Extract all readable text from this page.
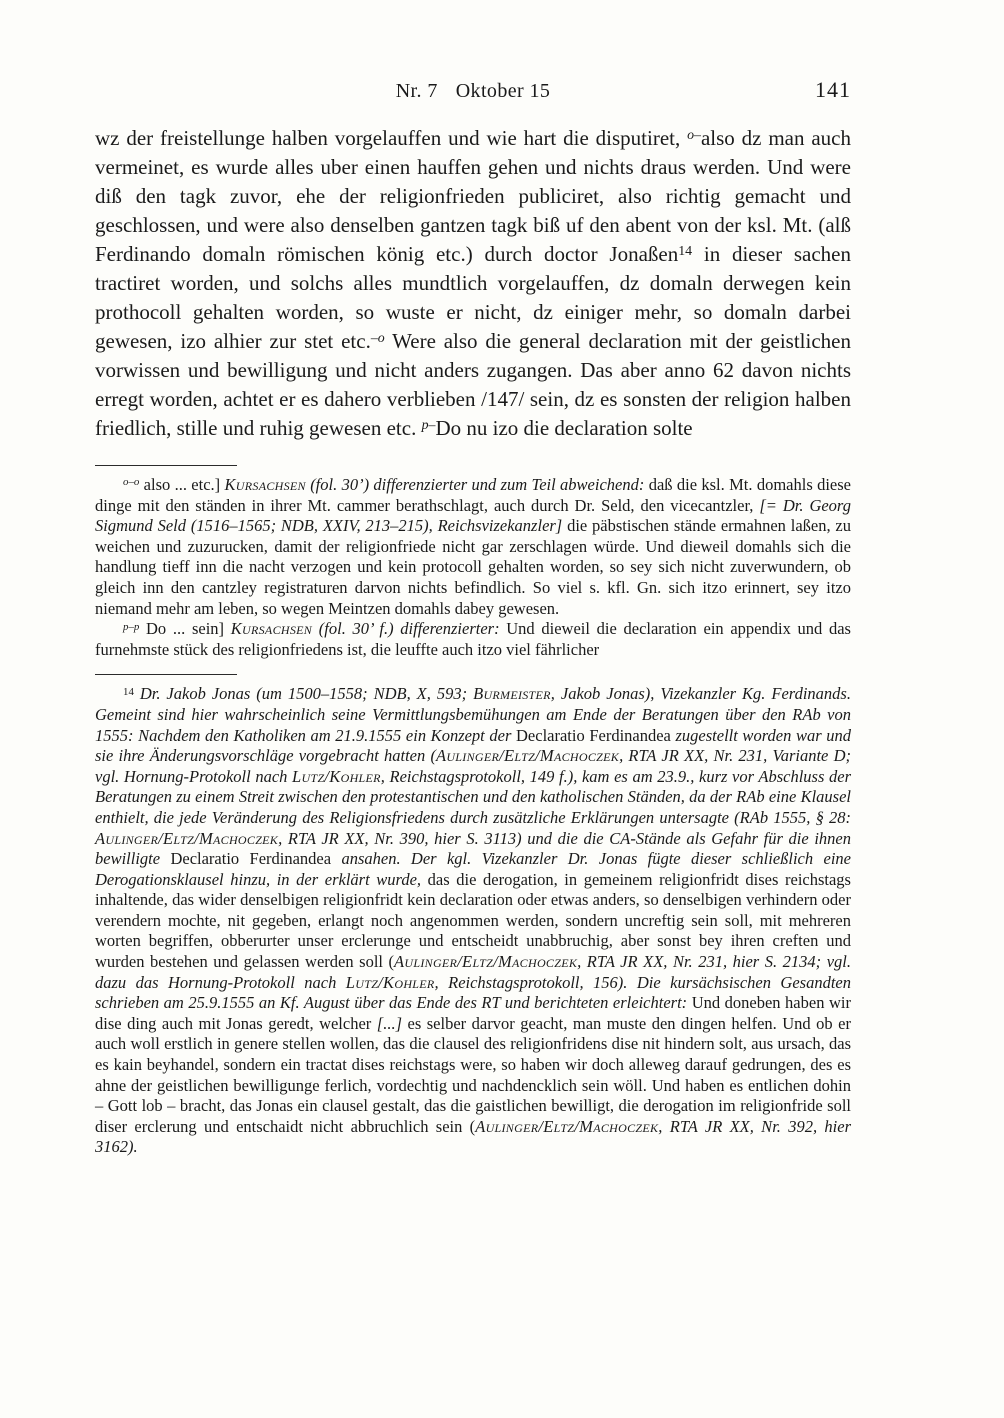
Nr. 7 Oktober 15	141

wz der freistellunge halben vorgelauffen und wie hart die disputiret, $^{o-}$also dz man auch vermeinet, es wurde alles uber einen hauffen gehen und nichts draus werden. Und were diß den tagk zuvor, ehe der religionfrieden publiciret, also richtig gemacht und geschlossen, und were also denselben gantzen tagk biß uf den abent von der ksl. Mt. (alß Ferdinando domaln römischen könig etc.) durch doctor Jonaßen$^{14}$ in dieser sachen tractiret worden, und solchs alles mundtlich vorgelauffen, dz domaln derwegen kein prothocoll gehalten worden, so wuste er nicht, dz einiger mehr, so domaln darbei gewesen, izo alhier zur stet etc.$^{-o}$ Were also die general declaration mit der geistlichen vorwissen und bewilligung und nicht anders zugangen. Das aber anno 62 davon nichts erregt worden, achtet er es dahero verblieben /147/ sein, dz es sonsten der religion halben friedlich, stille und ruhig gewesen etc. $^{p-}$Do nu izo die declaration solte

$^{o-o}$ also ... etc.] Kursachsen (fol. 30’) differenzierter und zum Teil abweichend: daß die ksl. Mt. domahls diese dinge mit den ständen in ihrer Mt. cammer berathschlagt, auch durch Dr. Seld, den vicecantzler, [= Dr. Georg Sigmund Seld (1516–1565; NDB, XXIV, 213–215), Reichsvizekanzler] die päbstischen stände ermahnen laßen, zu weichen und zuzurucken, damit der religionfriede nicht gar zerschlagen würde. Und dieweil domahls sich die handlung tieff inn die nacht verzogen und kein protocoll gehalten worden, so sey sich nicht zuverwundern, ob gleich inn den cantzley registraturen darvon nichts befindlich. So viel s. kfl. Gn. sich itzo erinnert, sey itzo niemand mehr am leben, so wegen Meintzen domahls dabey gewesen.

$^{p-p}$ Do ... sein] Kursachsen (fol. 30’ f.) differenzierter: Und dieweil die declaration ein appendix und das furnehmste stück des religionfriedens ist, die leuffte auch itzo viel fährlicher

$^{14}$ Dr. Jakob Jonas (um 1500–1558; NDB, X, 593; Burmeister, Jakob Jonas), Vizekanzler Kg. Ferdinands. Gemeint sind hier wahrscheinlich seine Vermittlungsbemühungen am Ende der Beratungen über den RAb von 1555: Nachdem den Katholiken am 21.9.1555 ein Konzept der Declaratio Ferdinandea zugestellt worden war und sie ihre Änderungsvorschläge vorgebracht hatten (Aulinger/Eltz/Machoczek, RTA JR XX, Nr. 231, Variante D; vgl. Hornung-Protokoll nach Lutz/Kohler, Reichstagsprotokoll, 149 f.), kam es am 23.9., kurz vor Abschluss der Beratungen zu einem Streit zwischen den protestantischen und den katholischen Ständen, da der RAb eine Klausel enthielt, die jede Veränderung des Religionsfriedens durch zusätzliche Erklärungen untersagte (RAb 1555, § 28: Aulinger/Eltz/Machoczek, RTA JR XX, Nr. 390, hier S. 3113) und die die CA-Stände als Gefahr für die ihnen bewilligte Declaratio Ferdinandea ansahen. Der kgl. Vizekanzler Dr. Jonas fügte dieser schließlich eine Derogationsklausel hinzu, in der erklärt wurde, das die derogation, in gemeinem religionfridt dises reichstags inhaltende, das wider denselbigen religionfridt kein declaration oder etwas anders, so denselbigen verhindern oder verendern mochte, nit gegeben, erlangt noch angenommen werden, sondern uncreftig sein soll, mit mehreren worten begriffen, obberurter unser erclerunge und entscheidt unabbruchig, aber sonst bey ihren creften und wurden bestehen und gelassen werden soll (Aulinger/Eltz/Machoczek, RTA JR XX, Nr. 231, hier S. 2134; vgl. dazu das Hornung-Protokoll nach Lutz/Kohler, Reichstagsprotokoll, 156). Die kursächsischen Gesandten schrieben am 25.9.1555 an Kf. August über das Ende des RT und berichteten erleichtert: Und doneben haben wir dise ding auch mit Jonas geredt, welcher [...] es selber darvor geacht, man muste den dingen helfen. Und ob er auch woll erstlich in genere stellen wollen, das die clausel des religionfridens dise nit hindern solt, aus ursach, das es kain beyhandel, sondern ein tractat dises reichstags were, so haben wir doch alleweg darauf gedrungen, des es ahne der geistlichen bewilligunge ferlich, vordechtig und nachdencklich sein wöll. Und haben es entlichen dohin – Gott lob – bracht, das Jonas ein clausel gestalt, das die gaistlichen bewilligt, die derogation im religionfride soll diser erclerung und entschaidt nicht abbruchlich sein (Aulinger/Eltz/Machoczek, RTA JR XX, Nr. 392, hier 3162).
